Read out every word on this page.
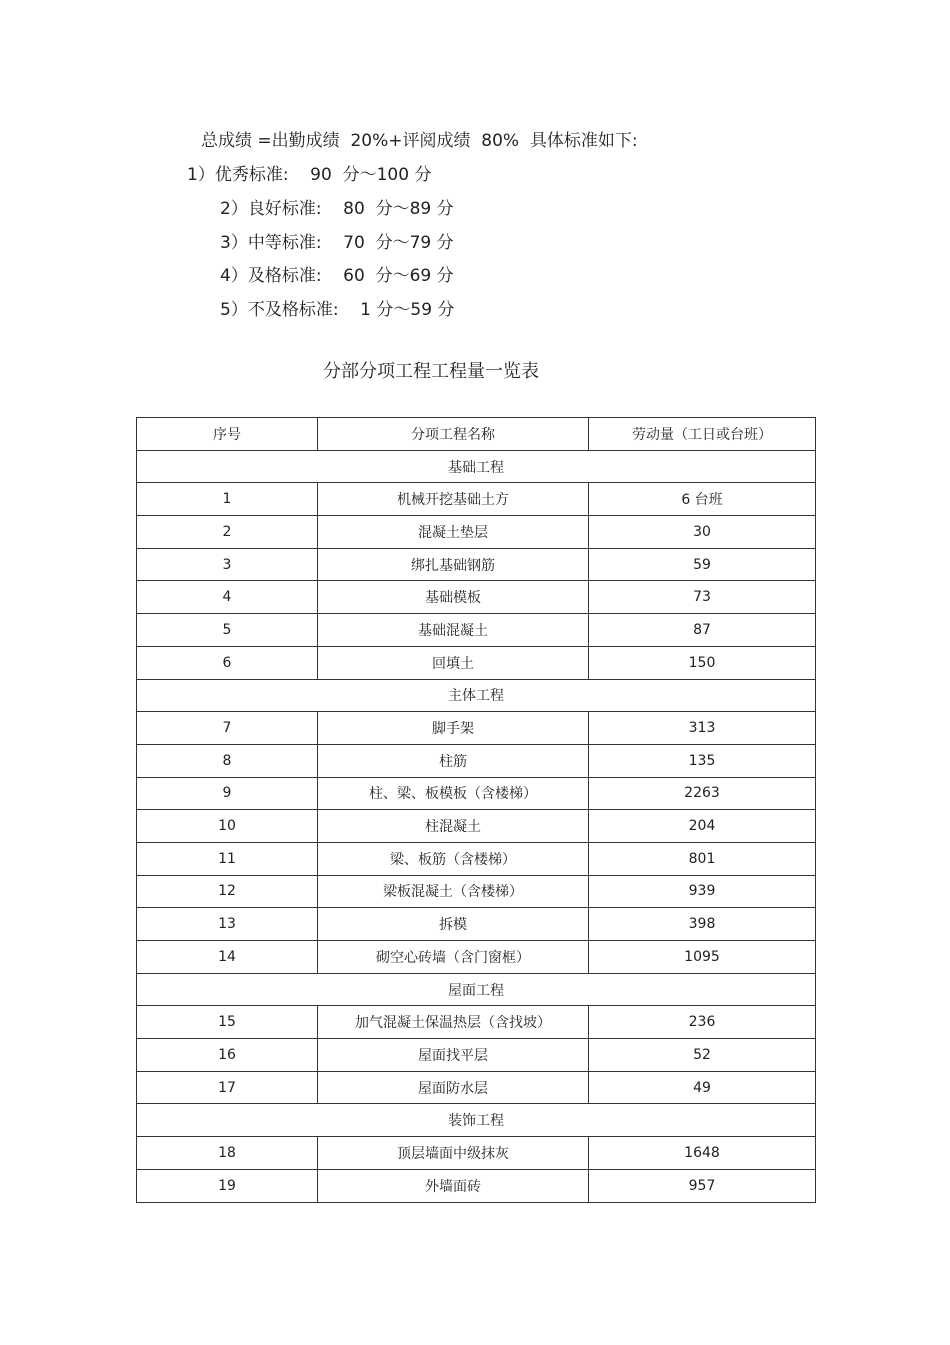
总成绩 =出勤成绩  20%+评阅成绩  80%  具体标准如下:
1）优秀标准:    90  分～100 分
2）良好标准:    80  分～89 分
3）中等标准:    70  分～79 分
4）及格标准:    60  分～69 分
5）不及格标准:    1 分～59 分
分部分项工程工程量一览表
序号	分项工程名称	劳动量（工日或台班）
基础工程		
1	机械开挖基础土方	6 台班
2	混凝土垫层	30
3	绑扎基础钢筋	59
4	基础模板	73
5	基础混凝土	87
6	回填土	150
主体工程		
7	脚手架	313
8	柱筋	135
9	柱、梁、板模板（含楼梯）	2263
10	柱混凝土	204
11	梁、板筋（含楼梯）	801
12	梁板混凝土（含楼梯）	939
13	拆模	398
14	砌空心砖墙（含门窗框）	1095
屋面工程		
15	加气混凝土保温热层（含找坡）	236
16	屋面找平层	52
17	屋面防水层	49
装饰工程		
18	顶层墙面中级抹灰	1648
19	外墙面砖	957
